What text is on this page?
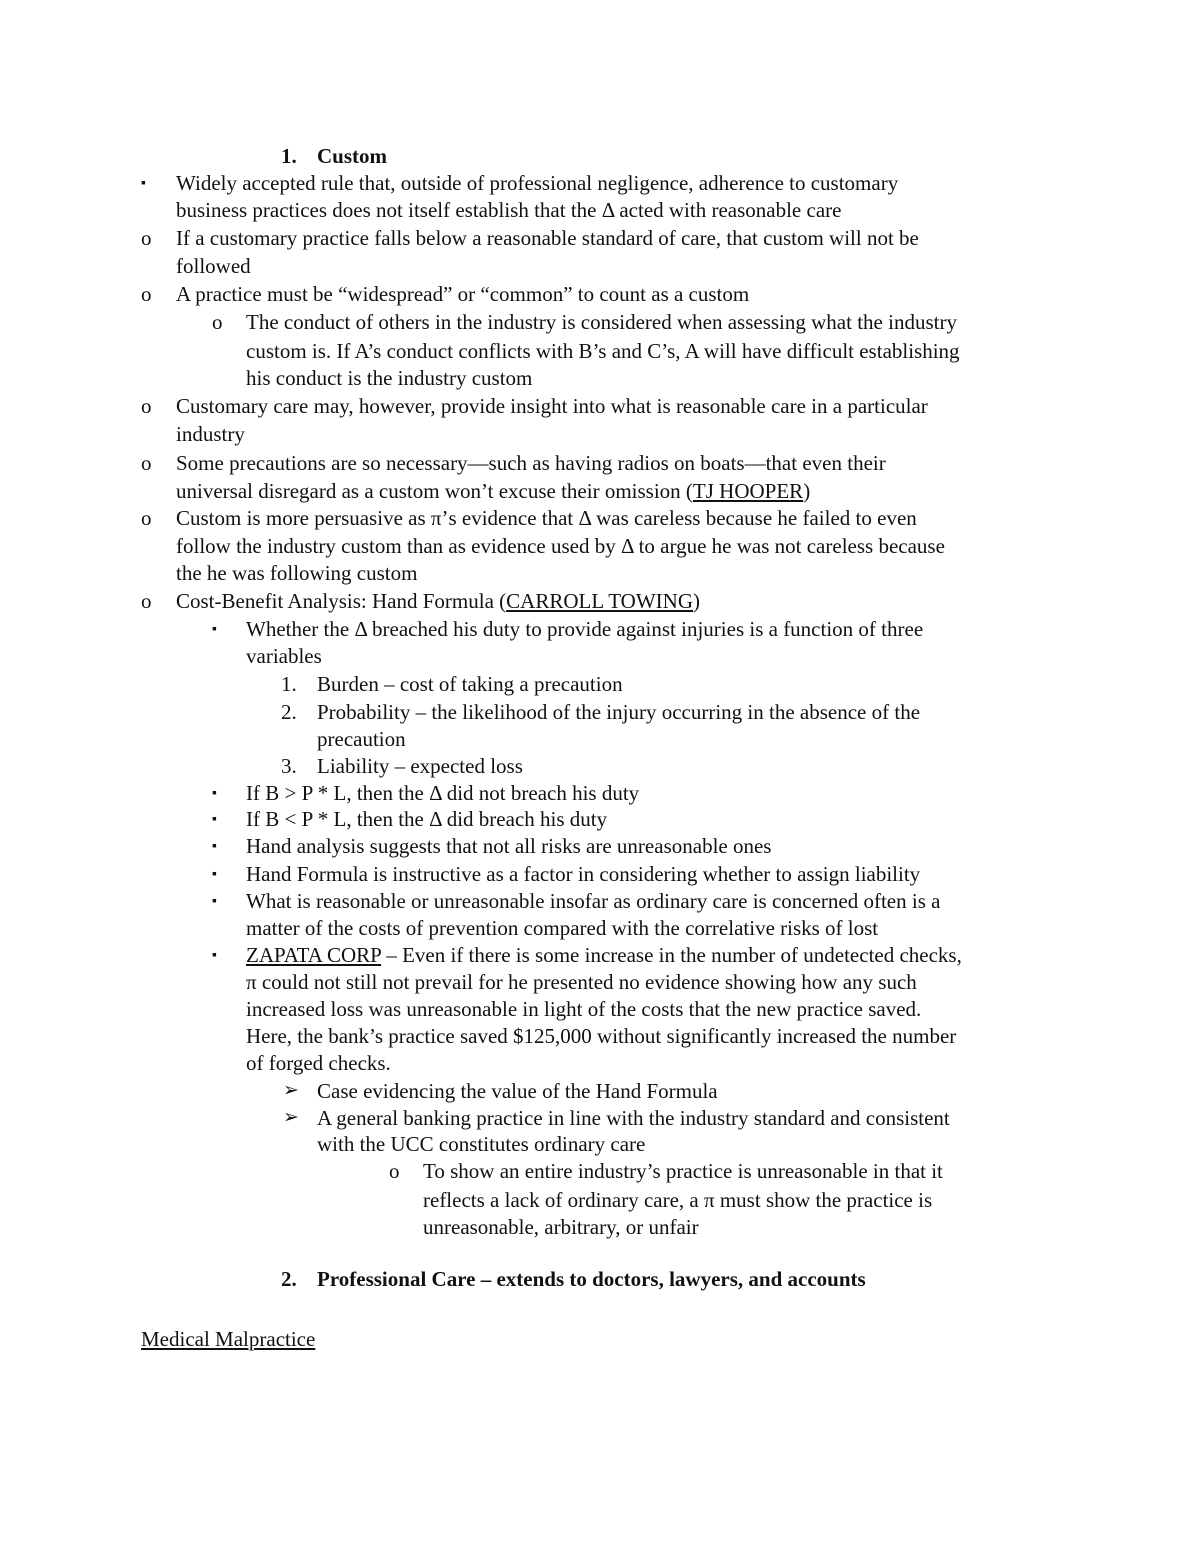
1. Custom
▪ Widely accepted rule that, outside of professional negligence, adherence to customary
business practices does not itself establish that the Δ acted with reasonable care
o If a customary practice falls below a reasonable standard of care, that custom will not be
followed
o A practice must be “widespread” or “common” to count as a custom
o The conduct of others in the industry is considered when assessing what the industry
custom is. If A’s conduct conflicts with B’s and C’s, A will have difficult establishing
his conduct is the industry custom
o Customary care may, however, provide insight into what is reasonable care in a particular
industry
o Some precautions are so necessary—such as having radios on boats—that even their
universal disregard as a custom won’t excuse their omission (TJ HOOPER)
o Custom is more persuasive as π’s evidence that Δ was careless because he failed to even
follow the industry custom than as evidence used by Δ to argue he was not careless because
the he was following custom
o Cost-Benefit Analysis: Hand Formula (CARROLL TOWING)
▪ Whether the Δ breached his duty to provide against injuries is a function of three
variables
1. Burden – cost of taking a precaution
2. Probability – the likelihood of the injury occurring in the absence of the
precaution
3. Liability – expected loss
▪ If B > P * L, then the Δ did not breach his duty
▪ If B < P * L, then the Δ did breach his duty
▪ Hand analysis suggests that not all risks are unreasonable ones
▪ Hand Formula is instructive as a factor in considering whether to assign liability
▪ What is reasonable or unreasonable insofar as ordinary care is concerned often is a
matter of the costs of prevention compared with the correlative risks of lost
▪ ZAPATA CORP – Even if there is some increase in the number of undetected checks,
π could not still not prevail for he presented no evidence showing how any such
increased loss was unreasonable in light of the costs that the new practice saved.
Here, the bank’s practice saved $125,000 without significantly increased the number
of forged checks.
➢ Case evidencing the value of the Hand Formula
➢ A general banking practice in line with the industry standard and consistent
with the UCC constitutes ordinary care
o To show an entire industry’s practice is unreasonable in that it
reflects a lack of ordinary care, a π must show the practice is
unreasonable, arbitrary, or unfair
2. Professional Care – extends to doctors, lawyers, and accounts
Medical Malpractice
